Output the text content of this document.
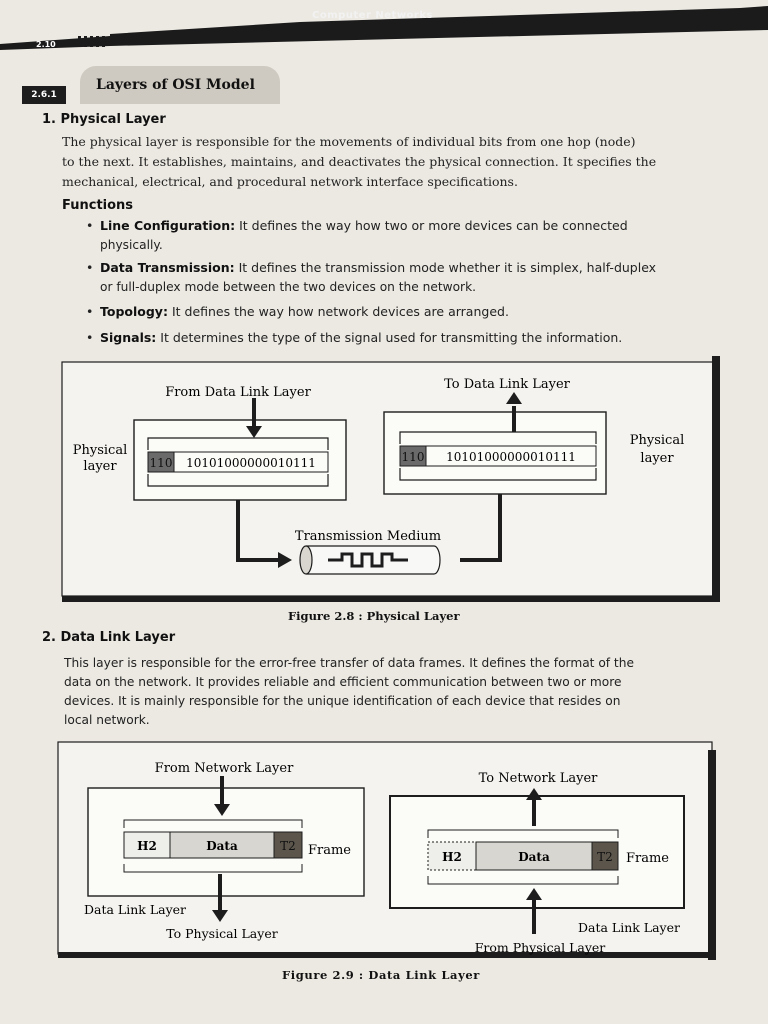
Computer Networks
2.10
2.6.1
Layers of OSI Model
1. Physical Layer
The physical layer is responsible for the movements of individual bits from one hop (node)
to the next. It establishes, maintains, and deactivates the physical connection. It specifies the
mechanical, electrical, and procedural network interface specifications.
Functions
• Line Configuration: It defines the way how two or more devices can be connected
physically.
• Data Transmission: It defines the transmission mode whether it is simplex, half-duplex
or full-duplex mode between the two devices on the network.
• Topology: It defines the way how network devices are arranged.
• Signals: It determines the type of the signal used for transmitting the information.
From Data Link Layer
To Data Link Layer
110 10101000000010111
Physical
layer
110 10101000000010111
Physical
layer
Transmission Medium
Figure 2.8 : Physical Layer
2. Data Link Layer
This layer is responsible for the error-free transfer of data frames. It defines the format of the
data on the network. It provides reliable and efficient communication between two or more
devices. It is mainly responsible for the unique identification of each device that resides on
local network.
From Network Layer
To Network Layer
H2	Data	T2 Frame
Data Link Layer
To Physical Layer
H2	Data	T2 Frame
Data Link Layer
From Physical Layer
Figure 2.9 : Data Link Layer
